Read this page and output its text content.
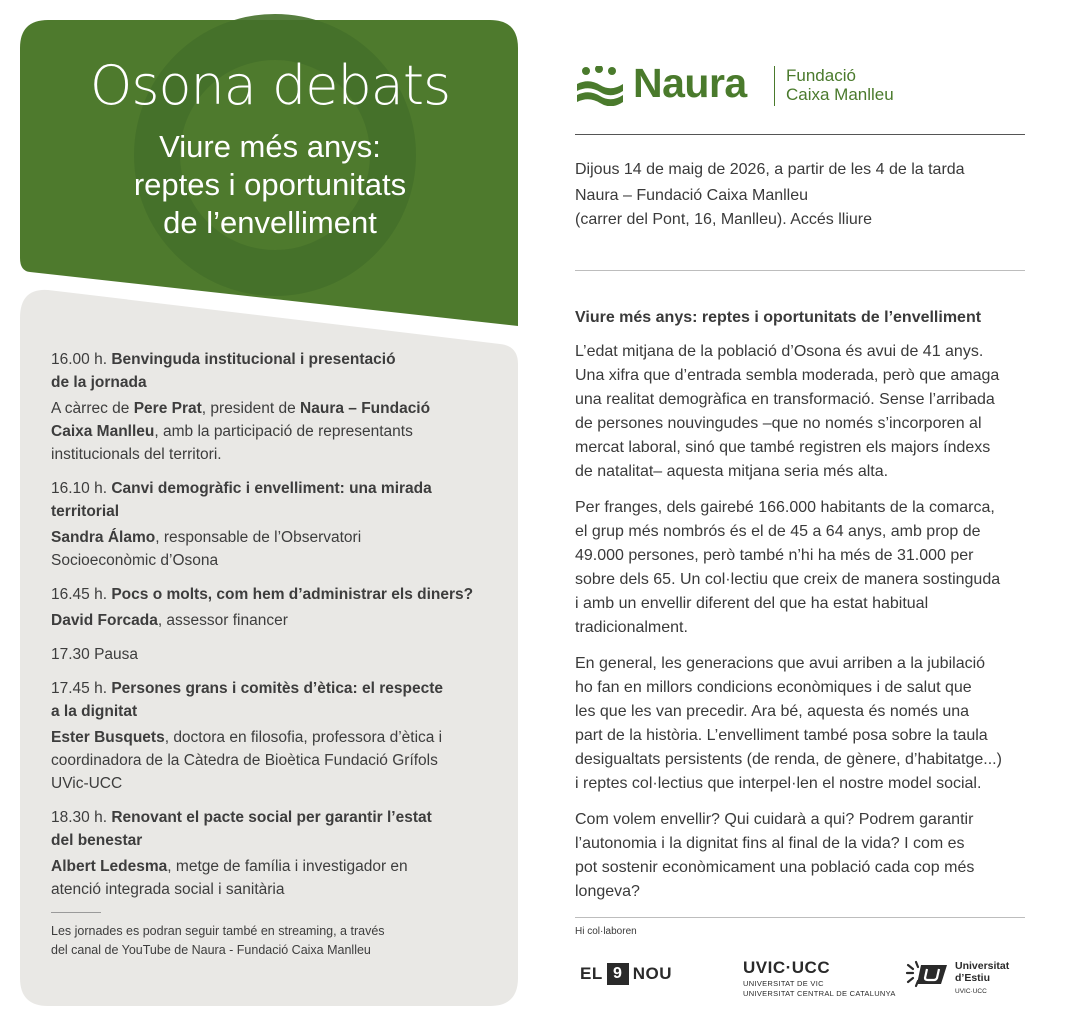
Osona debats
Viure més anys:
reptes i oportunitats
de l’envelliment
16.00 h. Benvinguda institucional i presentació
de la jornada
A càrrec de Pere Prat, president de Naura – Fundació
Caixa Manlleu, amb la participació de representants
institucionals del territori.
16.10 h. Canvi demogràfic i envelliment: una mirada
territorial
Sandra Álamo, responsable de l’Observatori
Socioeconòmic d’Osona
16.45 h. Pocs o molts, com hem d’administrar els diners?
David Forcada, assessor financer
17.30 Pausa
17.45 h. Persones grans i comitès d’ètica: el respecte
a la dignitat
Ester Busquets, doctora en filosofia, professora d’ètica i
coordinadora de la Càtedra de Bioètica Fundació Grífols
UVic-UCC
18.30 h. Renovant el pacte social per garantir l’estat
del benestar
Albert Ledesma, metge de família i investigador en
atenció integrada social i sanitària
Les jornades es podran seguir també en streaming, a través
del canal de YouTube de Naura - Fundació Caixa Manlleu
Naura Fundació
Caixa Manlleu
Dijous 14 de maig de 2026, a partir de les 4 de la tarda
Naura – Fundació Caixa Manlleu
(carrer del Pont, 16, Manlleu). Accés lliure
Viure més anys: reptes i oportunitats de l’envelliment

L’edat mitjana de la població d’Osona és avui de 41 anys.
Una xifra que d’entrada sembla moderada, però que amaga
una realitat demogràfica en transformació. Sense l’arribada
de persones nouvingudes –que no només s’incorporen al
mercat laboral, sinó que també registren els majors índexs
de natalitat– aquesta mitjana seria més alta.

Per franges, dels gairebé 166.000 habitants de la comarca,
el grup més nombrós és el de 45 a 64 anys, amb prop de
49.000 persones, però també n’hi ha més de 31.000 per
sobre dels 65. Un col·lectiu que creix de manera sostinguda
i amb un envellir diferent del que ha estat habitual
tradicionalment.

En general, les generacions que avui arriben a la jubilació
ho fan en millors condicions econòmiques i de salut que
les que les van precedir. Ara bé, aquesta és només una
part de la història. L’envelliment també posa sobre la taula
desigualtats persistents (de renda, de gènere, d’habitatge...)
i reptes col·lectius que interpel·len el nostre model social.

Com volem envellir? Qui cuidarà a qui? Podrem garantir
l’autonomia i la dignitat fins al final de la vida? I com es
pot sostenir econòmicament una població cada cop més
longeva?

Hi col·laboren
EL 9 NOU	UVIC·UCC
UNIVERSITAT DE VIC
UNIVERSITAT CENTRAL DE CATALUNYA
Universitat
d’Estiu
UVIC·UCC
